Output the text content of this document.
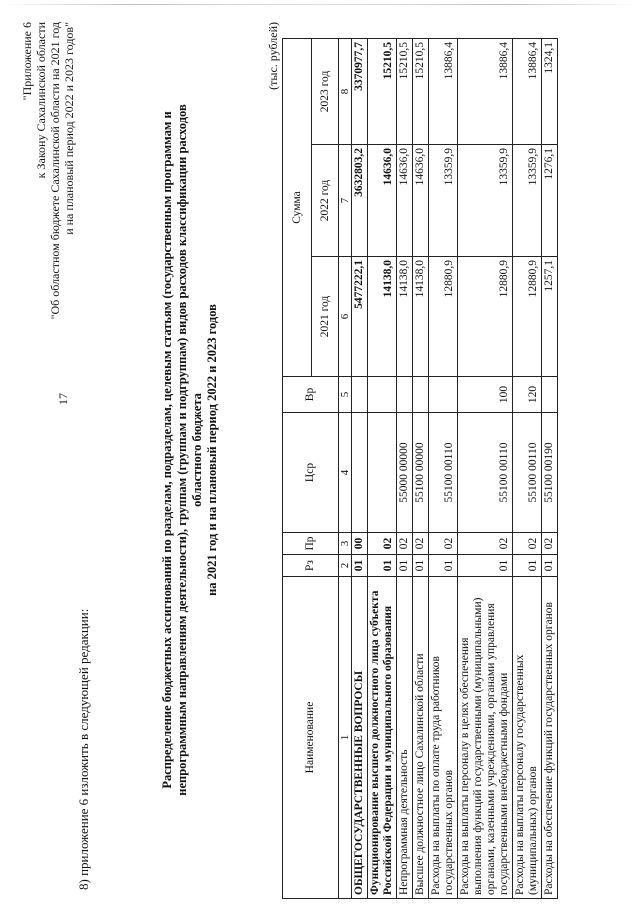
17
8) приложение 6 изложить в следующей редакции:
"Приложение 6 к Закону Сахалинской области "Об областном бюджете Сахалинской области на 2021 год и на плановый период 2022 и 2023 годов"	Распределение бюджетных ассигнований по разделам, подразделам, целевым статьям (государственным программам и непрограммным направлениям деятельности), группам (группам и подгруппам) видов расходов классификации расходов областного бюджета на 2021 год и на плановый период 2022 и 2023 годов
(тыс. рублей)
Наименование	Рз	Пр	Цср	Вр	Сумма		
					2021 год	2022 год	2023 год
1	2	3	4	5	6	7	8
ОБЩЕГОСУДАРСТВЕННЫЕ ВОПРОСЫ	01	00			5477222,1	3632803,2	3370977,7
Функционирование высшего должностного лица субъекта Российской Федерации и муниципального образования	01	02			14138,0	14636,0	15210,5
Непрограммная деятельность	01	02	55000 00000		14138,0	14636,0	15210,5
Высшее должностное лицо Сахалинской области	01	02	55100 00000		14138,0	14636,0	15210,5
Расходы на выплаты по оплате труда работников государственных органов	01	02	55100 00110		12880,9	13359,9	13886,4
Расходы на выплаты персоналу в целях обеспечения выполнения функций государственными (муниципальными) органами, казенными учреждениями, органами управления государственными внебюджетными фондами	01	02	55100 00110	100	12880,9	13359,9	13886,4
Расходы на выплаты персоналу государственных (муниципальных) органов	01	02	55100 00110	120	12880,9	13359,9	13886,4
Расходы на обеспечение функций государственных органов	01	02	55100 00190		1257,1	1276,1	1324,1
